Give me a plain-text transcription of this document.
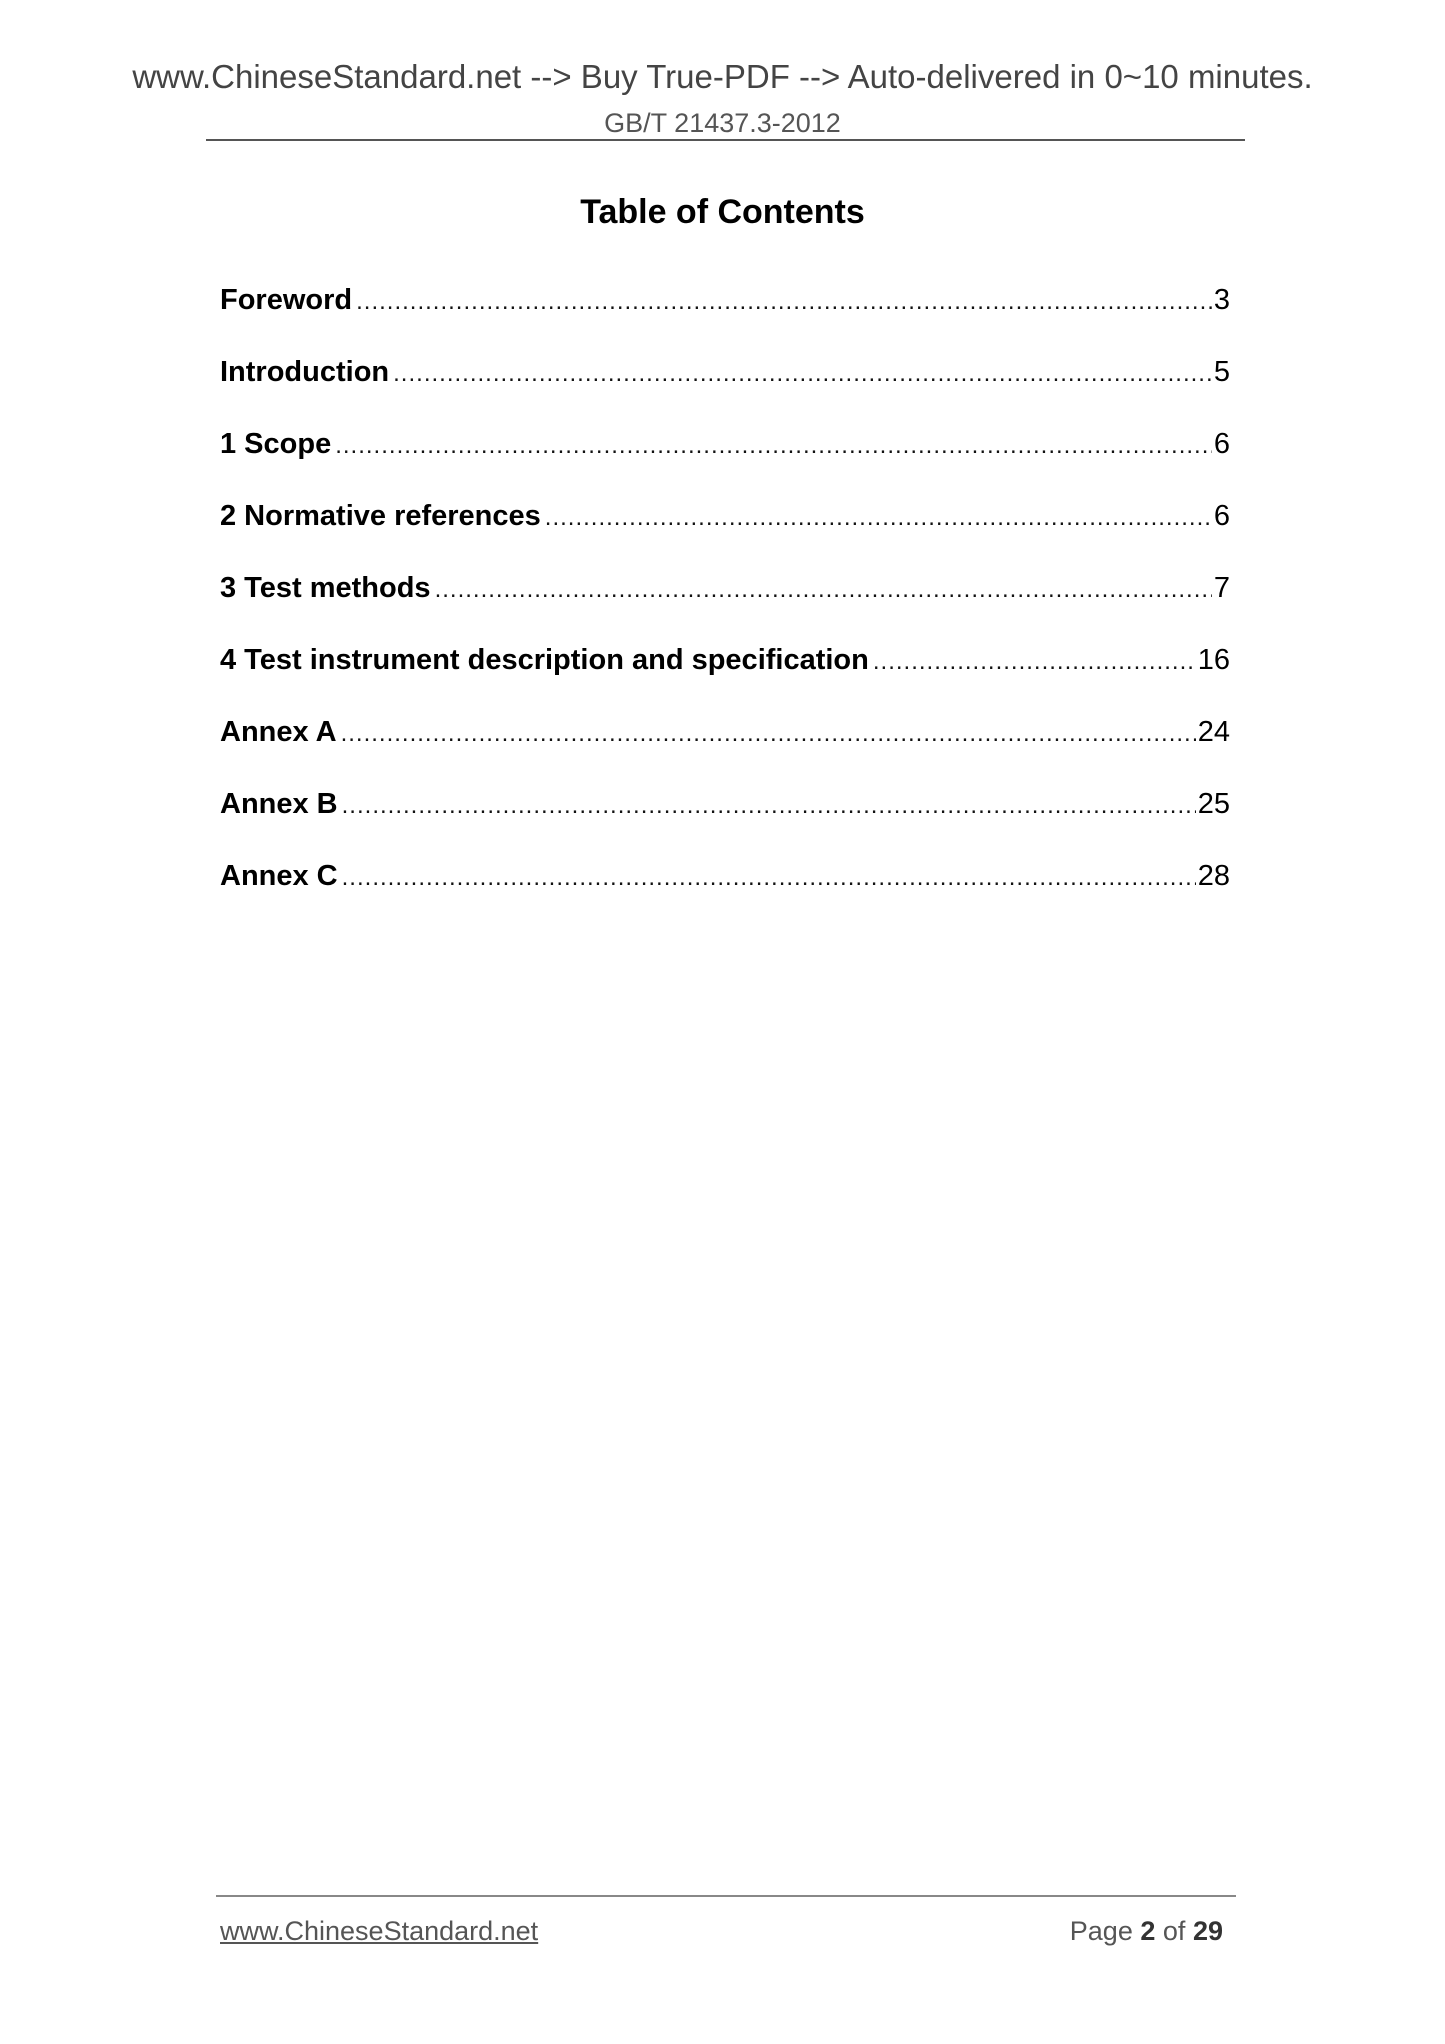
www.ChineseStandard.net --> Buy True-PDF --> Auto-delivered in 0~10 minutes.
GB/T 21437.3-2012
Table of Contents
Foreword .....	3
Introduction .....	5
1 Scope .....	6
2 Normative references .....	6
3 Test methods .....	7
4 Test instrument description and specification .....	16
Annex A .....	24
Annex B .....	25
Annex C .....	28
www.ChineseStandard.net	Page 2 of 29
